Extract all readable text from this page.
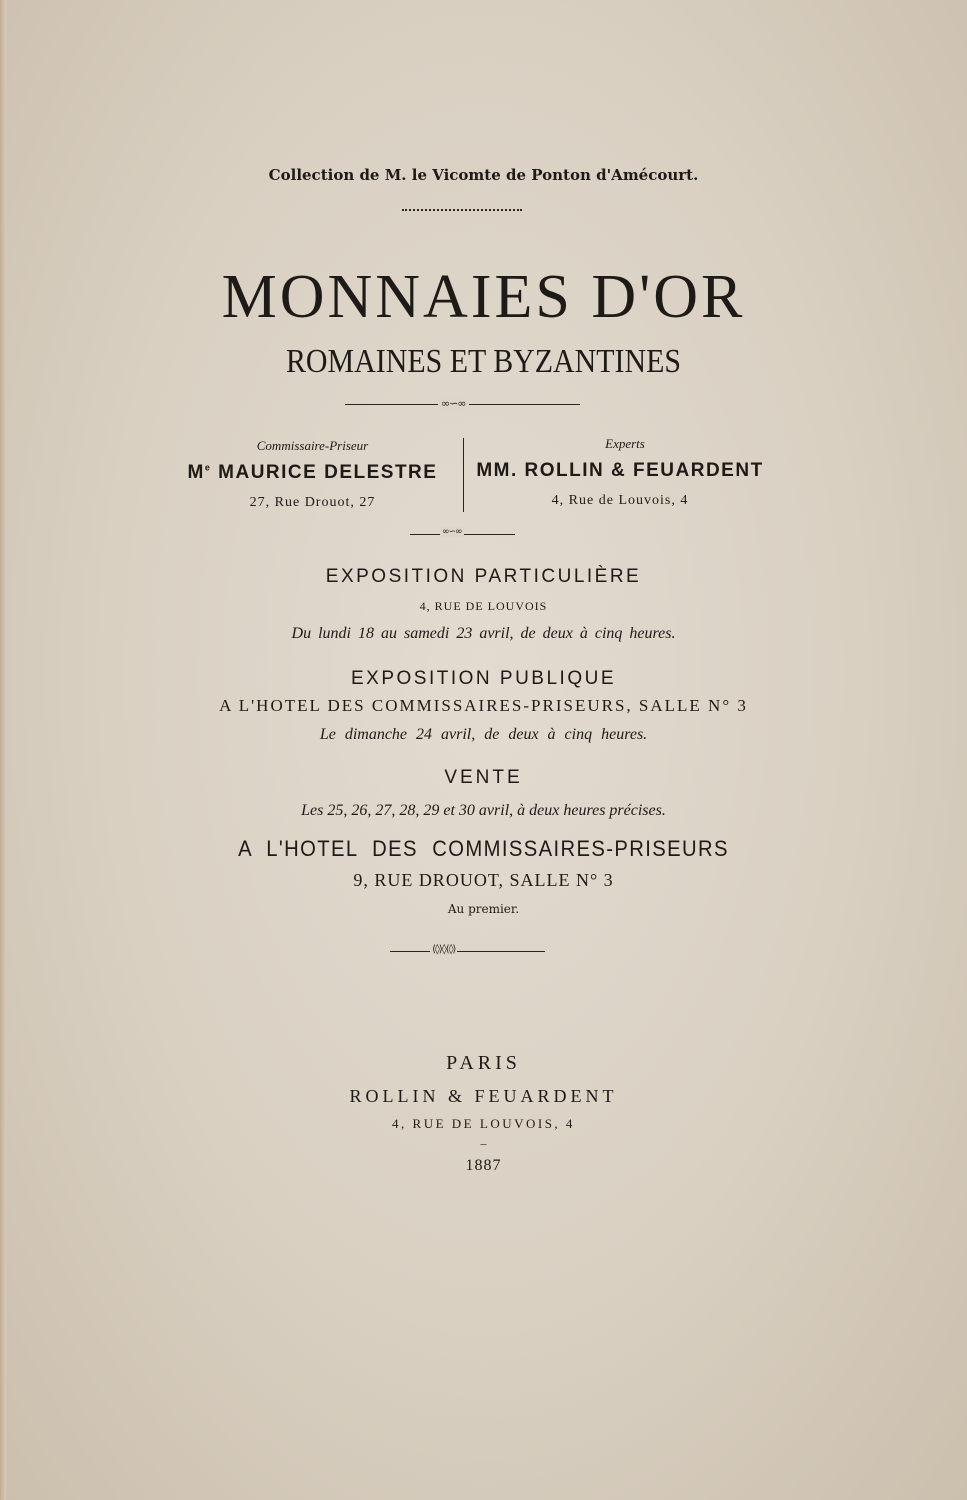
Collection de M. le Vicomte de Ponton d'Amécourt.
MONNAIES D'OR
ROMAINES ET BYZANTINES
∞∽∞
Commissaire-Priseur
Me MAURICE DELESTRE
27, Rue Drouot, 27
Experts
MM. ROLLIN & FEUARDENT
4, Rue de Louvois, 4
∞∽∞
EXPOSITION PARTICULIÈRE
4, RUE DE LOUVOIS
Du lundi 18 au samedi 23 avril, de deux à cinq heures.
EXPOSITION PUBLIQUE
A L'HOTEL DES COMMISSAIRES-PRISEURS, SALLE N° 3
Le dimanche 24 avril, de deux à cinq heures.
VENTE
Les 25, 26, 27, 28, 29 et 30 avril, à deux heures précises.
A L'HOTEL DES COMMISSAIRES-PRISEURS
9, RUE DROUOT, SALLE N° 3
Au premier.
⟨◊⟩◊⟨◊⟩
PARIS
ROLLIN & FEUARDENT
4, RUE DE LOUVOIS, 4
–
1887
